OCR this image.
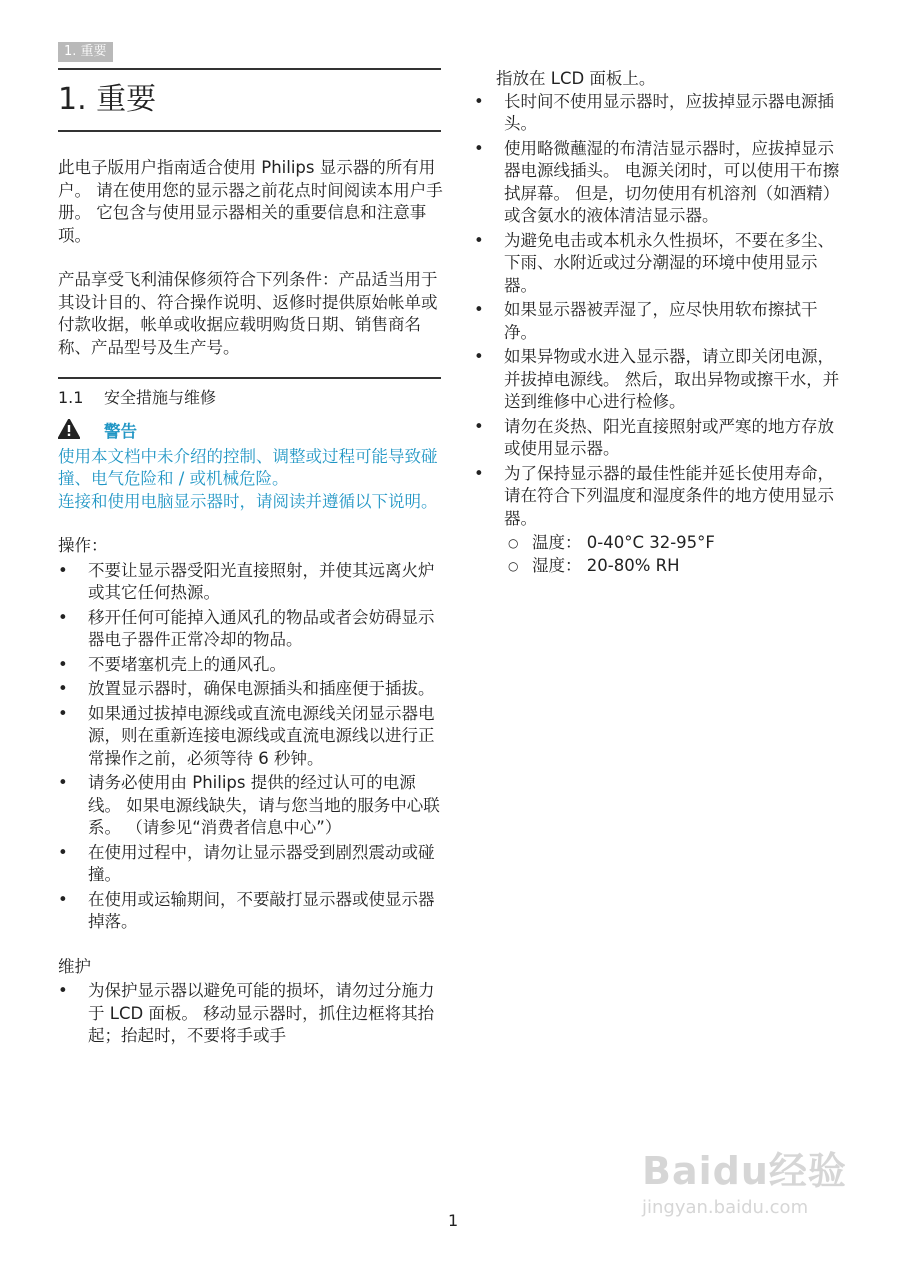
1. 重要
1. 重要

此电子版用户指南适合使用 Philips 显示器的所有用户。 请在使用您的显示器之前花点时间阅读本用户手册。 它包含与使用显示器相关的重要信息和注意事项。

产品享受飞利浦保修须符合下列条件：产品适当用于其设计目的、符合操作说明、返修时提供原始帐单或付款收据，帐单或收据应载明购货日期、销售商名称、产品型号及生产号。

1.1 安全措施与维修
警告

使用本文档中未介绍的控制、调整或过程可能导致碰撞、电气危险和 / 或机械危险。

连接和使用电脑显示器时，请阅读并遵循以下说明。

操作：

• 不要让显示器受阳光直接照射，并使其远离火炉或其它任何热源。
• 移开任何可能掉入通风孔的物品或者会妨碍显示器电子器件正常冷却的物品。
• 不要堵塞机壳上的通风孔。
• 放置显示器时，确保电源插头和插座便于插拔。
• 如果通过拔掉电源线或直流电源线关闭显示器电源，则在重新连接电源线或直流电源线以进行正常操作之前，必须等待 6 秒钟。
• 请务必使用由 Philips 提供的经过认可的电源线。 如果电源线缺失，请与您当地的服务中心联系。 （请参见“消费者信息中心”）
• 在使用过程中，请勿让显示器受到剧烈震动或碰撞。
• 在使用或运输期间，不要敲打显示器或使显示器掉落。

维护

• 为保护显示器以避免可能的损坏，请勿过分施力于 LCD 面板。 移动显示器时，抓住边框将其抬起；抬起时，不要将手或手

指放在 LCD 面板上。

• 长时间不使用显示器时，应拔掉显示器电源插头。
• 使用略微蘸湿的布清洁显示器时，应拔掉显示器电源线插头。 电源关闭时，可以使用干布擦拭屏幕。 但是，切勿使用有机溶剂（如酒精）或含氨水的液体清洁显示器。
• 为避免电击或本机永久性损坏，不要在多尘、下雨、水附近或过分潮湿的环境中使用显示器。
• 如果显示器被弄湿了，应尽快用软布擦拭干净。
• 如果异物或水进入显示器，请立即关闭电源，并拔掉电源线。 然后，取出异物或擦干水，并送到维修中心进行检修。
• 请勿在炎热、阳光直接照射或严寒的地方存放或使用显示器。
• 为了保持显示器的最佳性能并延长使用寿命，请在符合下列温度和湿度条件的地方使用显示器。
○ 温度： 0-40°C 32-95°F
○ 湿度： 20-80% RH
1
Baidu经验
jingyan.baidu.com
